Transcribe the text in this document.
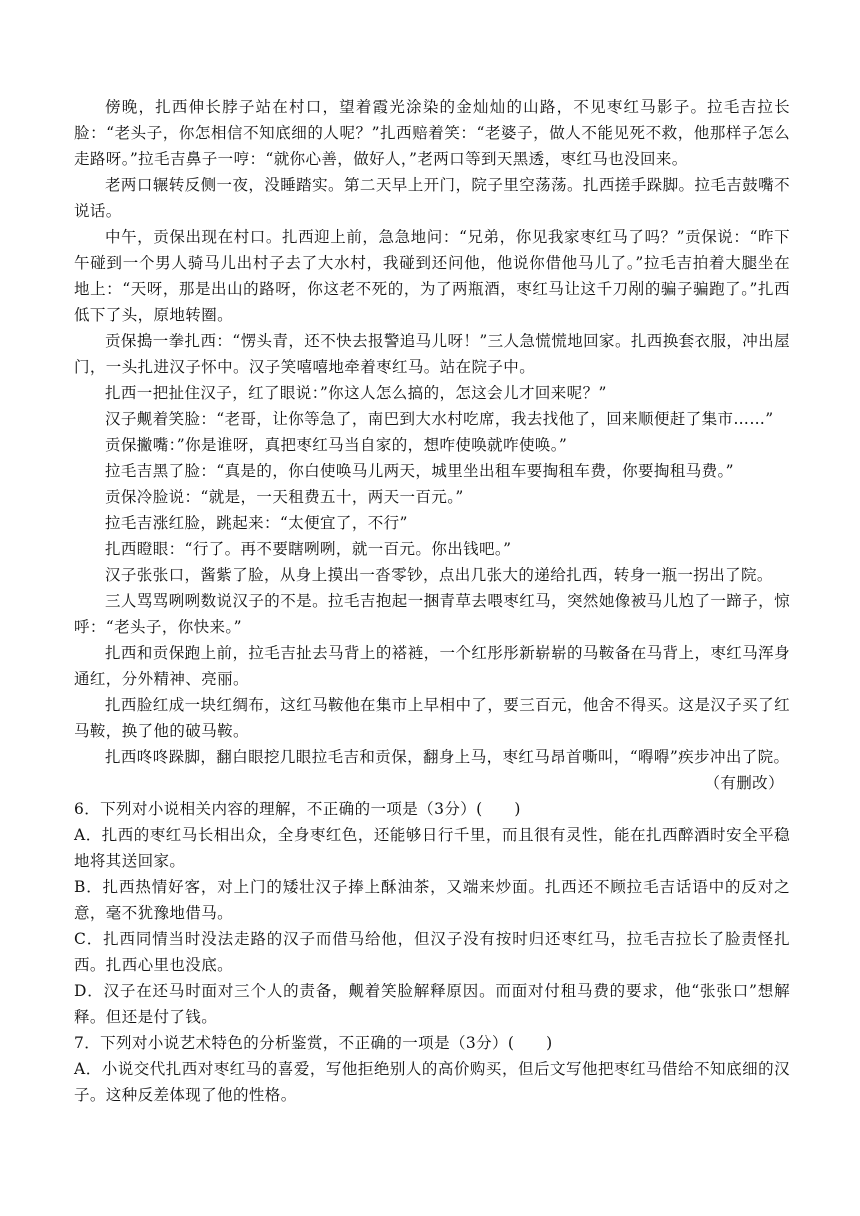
傍晚，扎西伸长脖子站在村口，望着霞光涂染的金灿灿的山路，不见枣红马影子。拉毛吉拉长脸：“老头子，你怎相信不知底细的人呢？”扎西赔着笑：“老婆子，做人不能见死不救，他那样子怎么走路呀。”拉毛吉鼻子一哼：“就你心善，做好人，”老两口等到天黑透，枣红马也没回来。

老两口辗转反侧一夜，没睡踏实。第二天早上开门，院子里空荡荡。扎西搓手跺脚。拉毛吉鼓嘴不说话。

中午，贡保出现在村口。扎西迎上前，急急地问：“兄弟，你见我家枣红马了吗？”贡保说：“昨下午碰到一个男人骑马儿出村子去了大水村，我碰到还问他，他说你借他马儿了。”拉毛吉拍着大腿坐在地上：“天呀，那是出山的路呀，你这老不死的，为了两瓶酒，枣红马让这千刀剐的骗子骗跑了。”扎西低下了头，原地转圈。

贡保搗一拳扎西：“愣头青，还不快去报警追马儿呀！”三人急慌慌地回家。扎西换套衣服，冲出屋门，一头扎进汉子怀中。汉子笑嘻嘻地牵着枣红马。站在院子中。

扎西一把扯住汉子，红了眼说：”你这人怎么搞的，怎这会儿才回来呢？”

汉子觍着笑脸：“老哥，让你等急了，南巴到大水村吃席，我去找他了，回来顺便赶了集市……”

贡保撇嘴：”你是谁呀，真把枣红马当自家的，想咋使唤就咋使唤。”

拉毛吉黑了脸：“真是的，你白使唤马儿两天，城里坐出租车要掏租车费，你要掏租马费。”

贡保冷脸说：“就是，一天租费五十，两天一百元。”

拉毛吉涨红脸，跳起来：“太便宜了，不行”

扎西瞪眼：“行了。再不要瞎咧咧，就一百元。你出钱吧。”

汉子张张口，酱紫了脸，从身上摸出一沓零钞，点出几张大的递给扎西，转身一瓶一拐出了院。

三人骂骂咧咧数说汉子的不是。拉毛吉抱起一捆青草去喂枣红马，突然她像被马儿尥了一蹄子，惊呼：“老头子，你快来。”

扎西和贡保跑上前，拉毛吉扯去马背上的褡裢，一个红彤彤新崭崭的马鞍备在马背上，枣红马浑身通红，分外精神、亮丽。

扎西脸红成一块红绸布，这红马鞍他在集市上早相中了，要三百元，他舍不得买。这是汉子买了红马鞍，换了他的破马鞍。

扎西咚咚跺脚，翻白眼挖几眼拉毛吉和贡保，翻身上马，枣红马昂首嘶叫，“嘚嘚”疾步冲出了院。

（有删改）

6．下列对小说相关内容的理解，不正确的一项是（3分）(　　)

A．扎西的枣红马长相出众，全身枣红色，还能够日行千里，而且很有灵性，能在扎西醉酒时安全平稳地将其送回家。

B．扎西热情好客，对上门的矮壮汉子捧上酥油茶，又端来炒面。扎西还不顾拉毛吉话语中的反对之意，毫不犹豫地借马。

C．扎西同情当时没法走路的汉子而借马给他，但汉子没有按时归还枣红马，拉毛吉拉长了脸责怪扎西。扎西心里也没底。

D．汉子在还马时面对三个人的责备，觍着笑脸解释原因。而面对付租马费的要求，他“张张口”想解释。但还是付了钱。

7．下列对小说艺术特色的分析鉴赏，不正确的一项是（3分）(　　)

A．小说交代扎西对枣红马的喜爱，写他拒绝别人的高价购买，但后文写他把枣红马借给不知底细的汉子。这种反差体现了他的性格。
